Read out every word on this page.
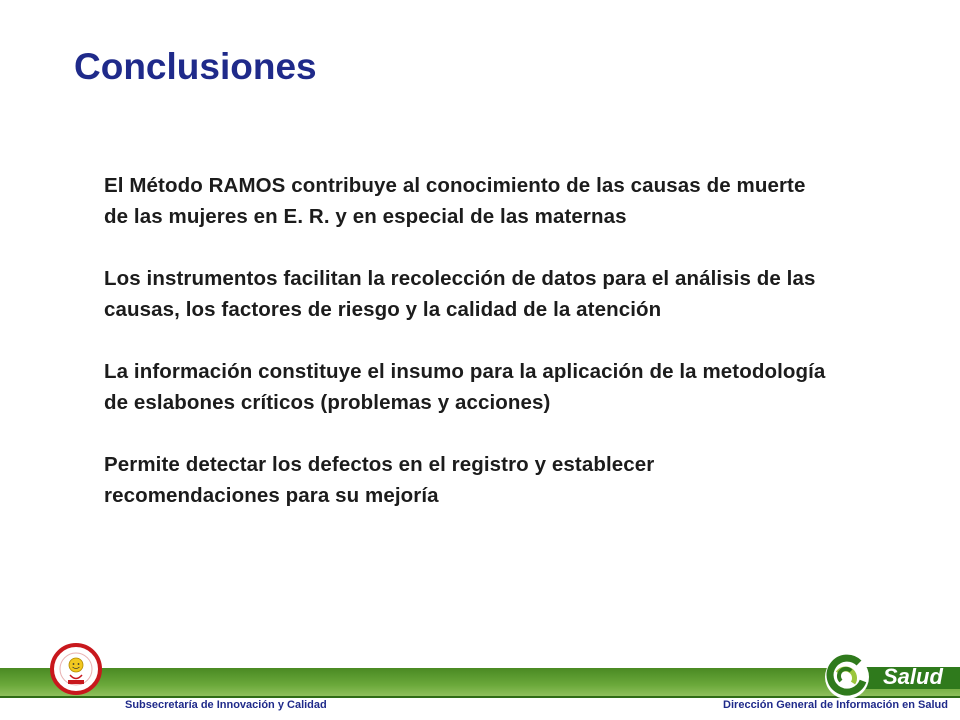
Conclusiones
El Método RAMOS contribuye al conocimiento de las causas de muerte de las mujeres en E. R. y en especial de las maternas
Los instrumentos facilitan la recolección de datos para el análisis de las causas, los factores de riesgo y la calidad de la atención
La información constituye el insumo para la aplicación de la metodología de eslabones críticos (problemas y acciones)
Permite detectar los defectos en el registro y establecer recomendaciones para su mejoría
Salud
Subsecretaría de Innovación y Calidad	Dirección General de Información en Salud
